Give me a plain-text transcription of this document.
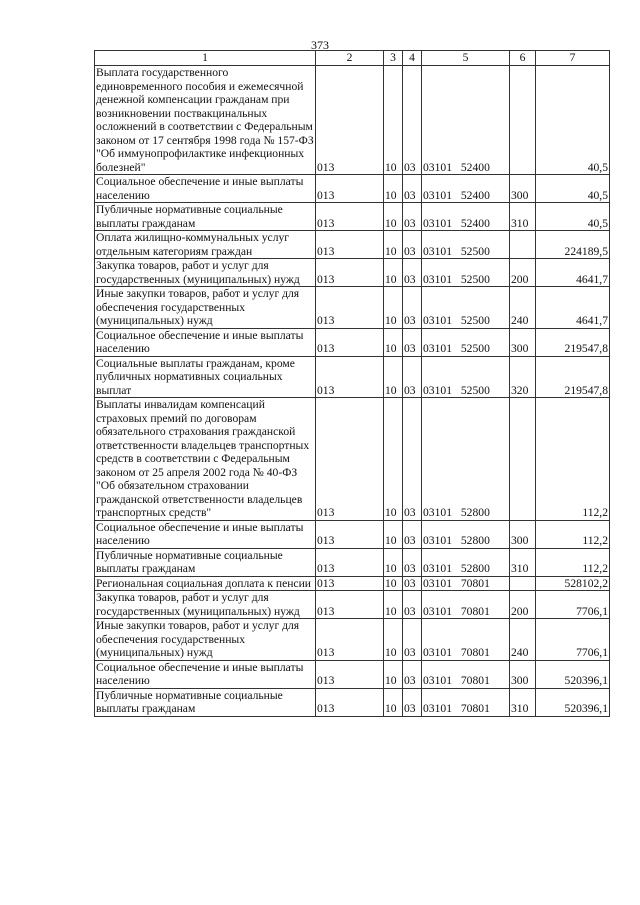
373
1	2	3	4	5	6	7
Выплата государственного единовременного пособия и ежемесячной денежной компенсации гражданам при возникновении поствакцинальных осложнений в соответствии с Федеральным законом от 17 сентября 1998 года № 157-ФЗ "Об иммунопрофилактике инфекционных болезней"	013	10	03	03101 52400		40,5
Социальное обеспечение и иные выплаты населению	013	10	03	03101 52400	300	40,5
Публичные нормативные социальные выплаты гражданам	013	10	03	03101 52400	310	40,5
Оплата жилищно-коммунальных услуг отдельным категориям граждан	013	10	03	03101 52500		224189,5
Закупка товаров, работ и услуг для государственных (муниципальных) нужд	013	10	03	03101 52500	200	4641,7
Иные закупки товаров, работ и услуг для обеспечения государственных (муниципальных) нужд	013	10	03	03101 52500	240	4641,7
Социальное обеспечение и иные выплаты населению	013	10	03	03101 52500	300	219547,8
Социальные выплаты гражданам, кроме публичных нормативных социальных выплат	013	10	03	03101 52500	320	219547,8
Выплаты инвалидам компенсаций страховых премий по договорам обязательного страхования гражданской ответственности владельцев транспортных средств в соответствии с Федеральным законом от 25 апреля 2002 года № 40-ФЗ "Об обязательном страховании гражданской ответственности владельцев транспортных средств"	013	10	03	03101 52800		112,2
Социальное обеспечение и иные выплаты населению	013	10	03	03101 52800	300	112,2
Публичные нормативные социальные выплаты гражданам	013	10	03	03101 52800	310	112,2
Региональная социальная доплата к пенсии	013	10	03	03101 70801		528102,2
Закупка товаров, работ и услуг для государственных (муниципальных) нужд	013	10	03	03101 70801	200	7706,1
Иные закупки товаров, работ и услуг для обеспечения государственных (муниципальных) нужд	013	10	03	03101 70801	240	7706,1
Социальное обеспечение и иные выплаты населению	013	10	03	03101 70801	300	520396,1
Публичные нормативные социальные выплаты гражданам	013	10	03	03101 70801	310	520396,1
